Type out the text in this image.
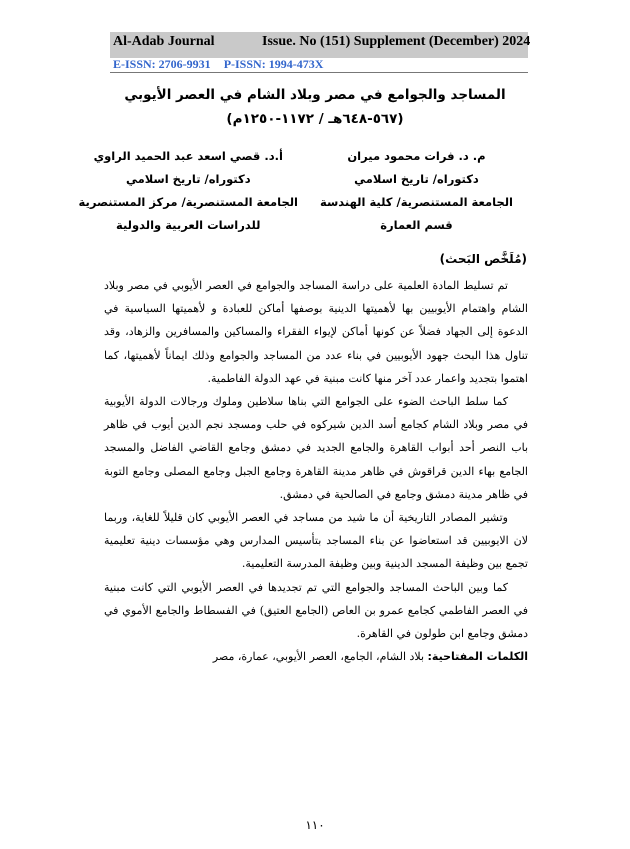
Al-Adab Journal	Issue. No (151) Supplement (December) 2024
E-ISSN: 2706-9931 P-ISSN: 1994-473X
المساجد والجوامع في مصر وبلاد الشام في العصر الأيوبي
(٥٦٧-٦٤٨هـ / ١١٧٢-١٢٥٠م)
م. د. فرات محمود ميران
دكتوراه/ تاريخ اسلامي
الجامعة المستنصرية/ كلية الهندسة
قسم العمارة
أ.د. قصي اسعد عبد الحميد الراوي
دكتوراه/ تاريخ اسلامي
الجامعة المستنصرية/ مركز المستنصرية
للدراسات العربية والدولية
(مُلَخَّص البَحث)

تم تسليط المادة العلمية على دراسة المساجد والجوامع في العصر الأيوبي في مصر وبلاد الشام واهتمام الأيوبيين بها لأهميتها الدينية بوصفها أماكن للعبادة و لأهميتها السياسية في الدعوة إلى الجهاد فضلاً عن كونها أماكن لإيواء الفقراء والمساكين والمسافرين والزهاد، وقد تناول هذا البحث جهود الأيوبيين في بناء عدد من المساجد والجوامع وذلك ايماناً لأهميتها، كما اهتموا بتجديد واعمار عدد آخر منها كانت مبنية في عهد الدولة الفاطمية.

كما سلط الباحث الضوء على الجوامع التي بناها سلاطين وملوك ورجالات الدولة الأيوبية في مصر وبلاد الشام كجامع أسد الدين شيركوه في حلب ومسجد نجم الدين أيوب في ظاهر باب النصر أحد أبواب القاهرة والجامع الجديد في دمشق وجامع القاضي الفاضل والمسجد الجامع بهاء الدين قراقوش في ظاهر مدينة القاهرة وجامع الجبل وجامع المصلى وجامع التوبة في ظاهر مدينة دمشق وجامع في الصالحية في دمشق.

وتشير المصادر التاريخية أن ما شيد من مساجد في العصر الأيوبي كان قليلاً للغاية، وربما لان الايوبيين قد استعاضوا عن بناء المساجد بتأسيس المدارس وهي مؤسسات دينية تعليمية تجمع بين وظيفة المسجد الدينية وبين وظيفة المدرسة التعليمية.

كما وبين الباحث المساجد والجوامع التي تم تجديدها في العصر الأيوبي التي كانت مبنية في العصر الفاطمي كجامع عمرو بن العاص (الجامع العتيق) في الفسطاط والجامع الأموي في دمشق وجامع ابن طولون في القاهرة.

الكلمات المفتاحية: بلاد الشام، الجامع، العصر الأيوبي، عمارة، مصر
١١٠
